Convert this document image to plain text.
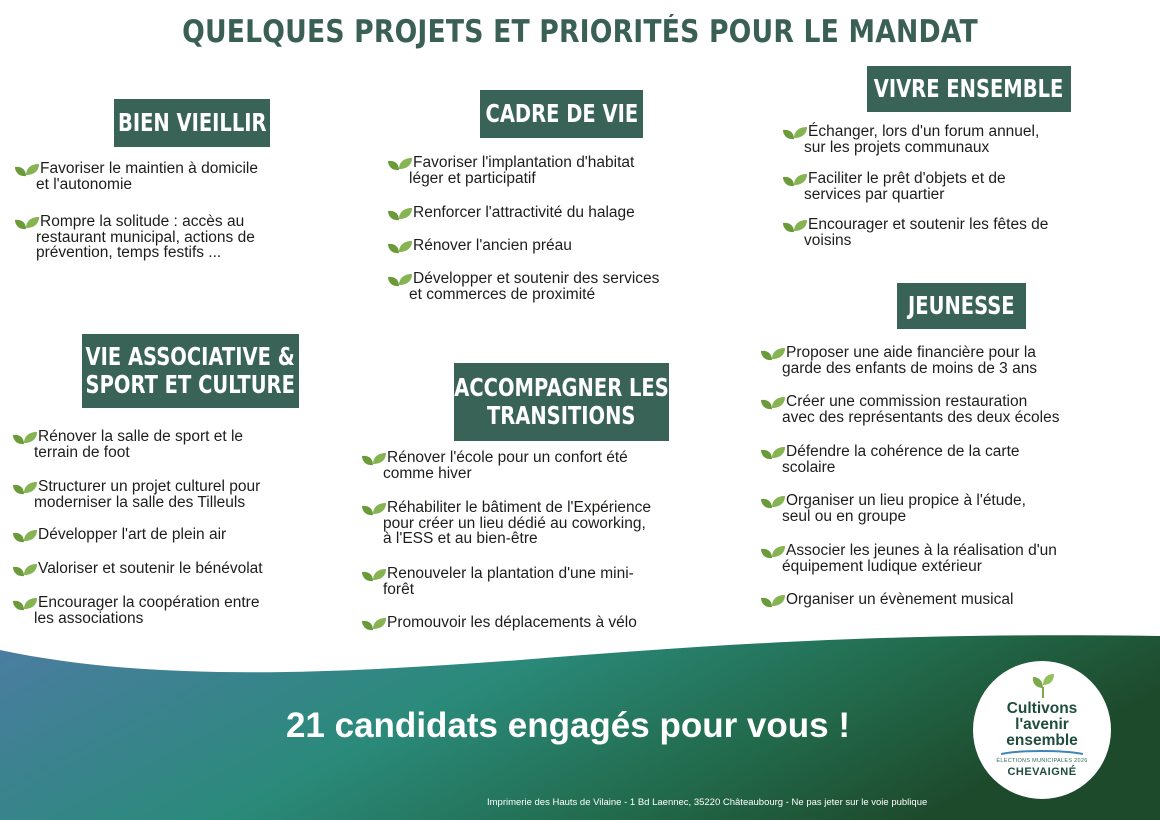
QUELQUES PROJETS ET PRIORITÉS POUR LE MANDAT
BIEN VIEILLIR	CADRE DE VIE
VIVRE ENSEMBLE
VIE ASSOCIATIVE &
SPORT ET CULTURE	ACCOMPAGNER LES
TRANSITIONS
JEUNESSE
Favoriser le maintien à domicile
et l'autonomie
Rompre la solitude : accès au
restaurant municipal, actions de
prévention, temps festifs ...
Favoriser l'implantation d'habitat
léger et participatif
Renforcer l'attractivité du halage
Rénover l'ancien préau
Développer et soutenir des services
et commerces de proximité
Échanger, lors d'un forum annuel,
sur les projets communaux
Faciliter le prêt d'objets et de
services par quartier
Encourager et soutenir les fêtes de
voisins
Rénover la salle de sport et le
terrain de foot
Structurer un projet culturel pour
moderniser la salle des Tilleuls
Développer l'art de plein air
Valoriser et soutenir le bénévolat
Encourager la coopération entre
les associations
Rénover l'école pour un confort été
comme hiver
Réhabiliter le bâtiment de l'Expérience
pour créer un lieu dédié au coworking,
à l'ESS et au bien-être
Renouveler la plantation d'une mini-
forêt
Promouvoir les déplacements à vélo
Proposer une aide financière pour la
garde des enfants de moins de 3 ans
Créer une commission restauration
avec des représentants des deux écoles
Défendre la cohérence de la carte
scolaire
Organiser un lieu propice à l'étude,
seul ou en groupe
Associer les jeunes à la réalisation d'un
équipement ludique extérieur
Organiser un évènement musical
21 candidats engagés pour vous !
Imprimerie des Hauts de Vilaine - 1 Bd Laennec, 35220 Châteaubourg - Ne pas jeter sur le voie publique
Cultivons
l'avenir
ensemble
ÉLECTIONS MUNICIPALES 2026
CHEVAIGNÉ
